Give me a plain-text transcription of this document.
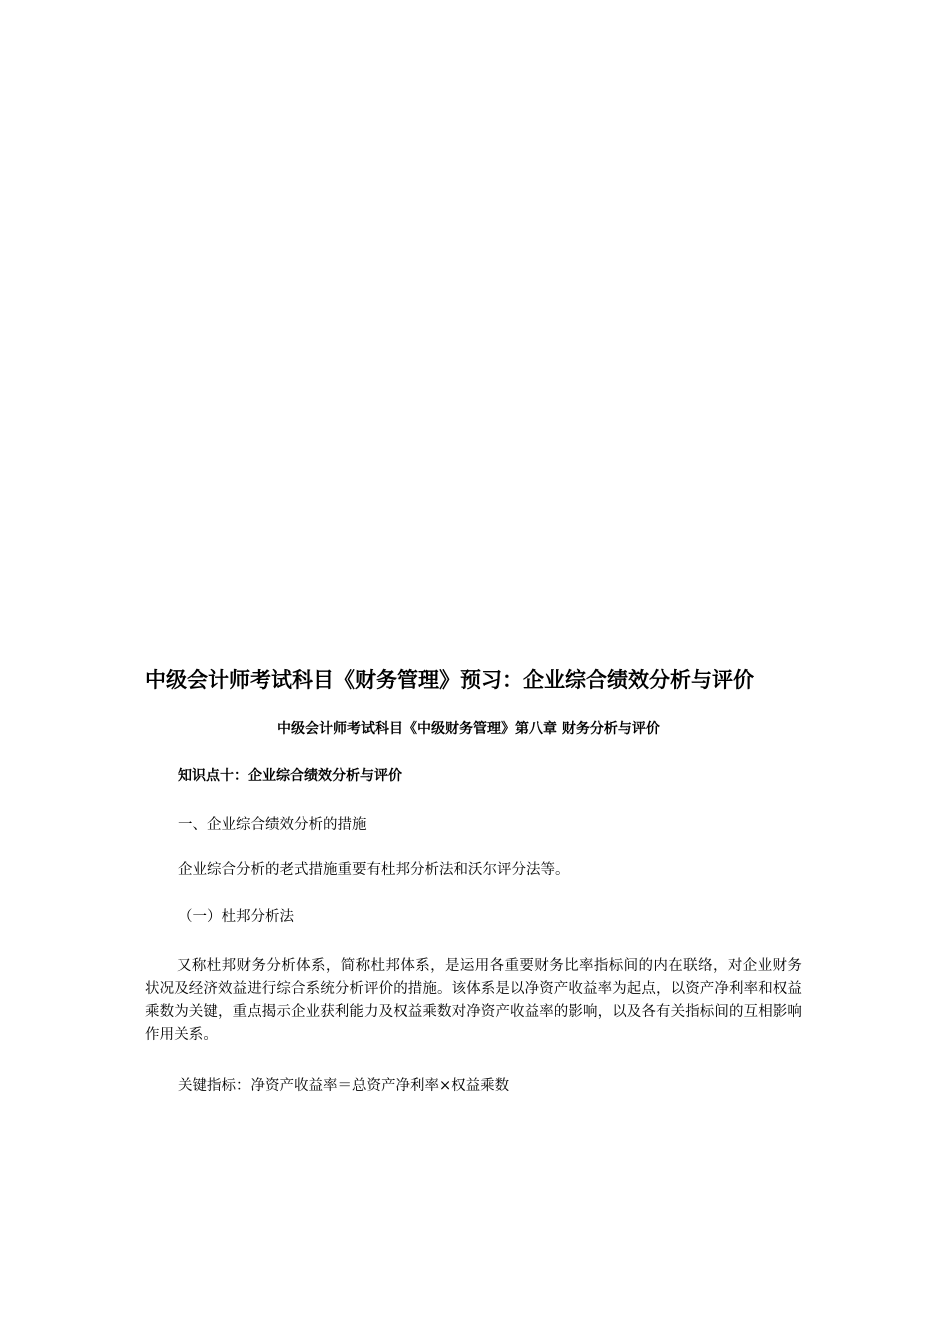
中级会计师考试科目《财务管理》预习：企业综合绩效分析与评价
中级会计师考试科目《中级财务管理》第八章 财务分析与评价
知识点十：企业综合绩效分析与评价

一、企业综合绩效分析的措施

企业综合分析的老式措施重要有杜邦分析法和沃尔评分法等。

（一）杜邦分析法

又称杜邦财务分析体系，简称杜邦体系，是运用各重要财务比率指标间的内在联络，对企业财务状况及经济效益进行综合系统分析评价的措施。该体系是以净资产收益率为起点，以资产净利率和权益乘数为关键，重点揭示企业获利能力及权益乘数对净资产收益率的影响，以及各有关指标间的互相影响作用关系。

关键指标：净资产收益率＝总资产净利率×权益乘数
